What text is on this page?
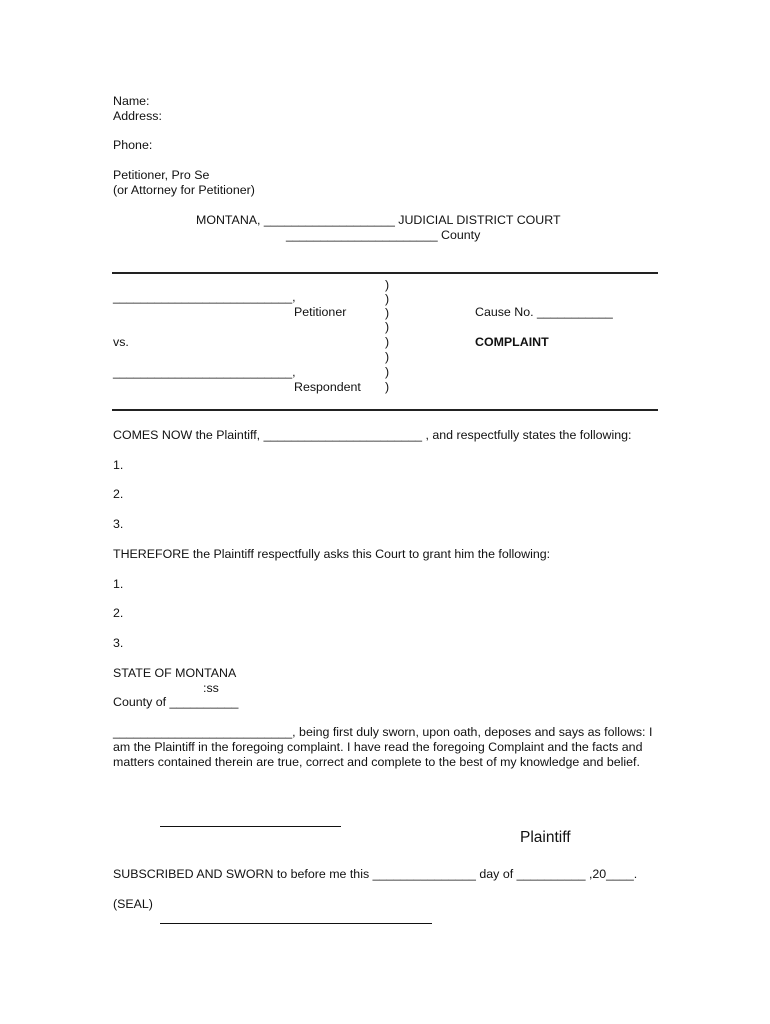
Name:
Address:
Phone:
Petitioner, Pro Se
(or Attorney for Petitioner)
MONTANA, ___________________ JUDICIAL DISTRICT COURT
______________________ County
)
)
)
)
)
)
)
)
__________________________,
Petitioner	Cause No. ___________
vs.	COMPLAINT
__________________________,
Respondent
COMES NOW the Plaintiff, _______________________ , and respectfully states the following:
1.
2.
3.
THEREFORE the Plaintiff respectfully asks this Court to grant him the following:
1.
2.
3.
STATE OF MONTANA
:ss
County of __________
__________________________, being first duly sworn, upon oath, deposes and says as follows: I am the Plaintiff in the foregoing complaint. I have read the foregoing Complaint and the facts and matters contained therein are true, correct and complete to the best of my knowledge and belief.
Plaintiff
SUBSCRIBED AND SWORN to before me this _______________ day of __________ ,20____.
(SEAL)
